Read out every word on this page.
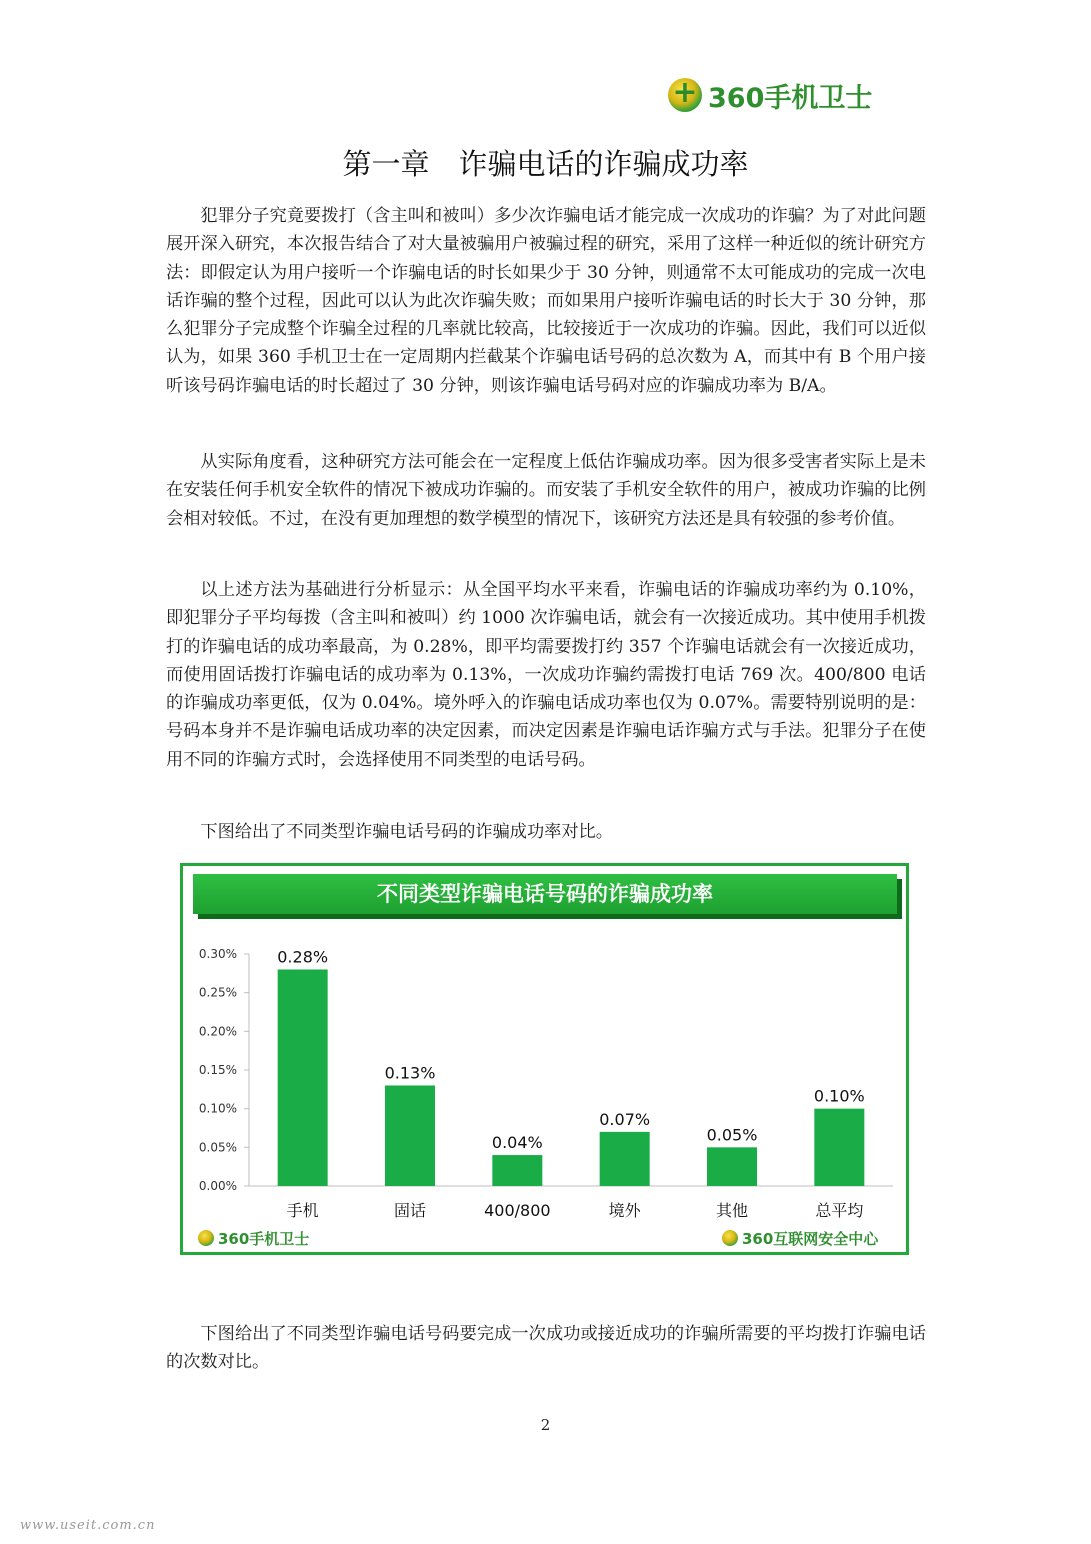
+
360手机卫士
第一章　诈骗电话的诈骗成功率

犯罪分子究竟要拨打（含主叫和被叫）多少次诈骗电话才能完成一次成功的诈骗？为了对此问题展开深入研究，本次报告结合了对大量被骗用户被骗过程的研究，采用了这样一种近似的统计研究方法：即假定认为用户接听一个诈骗电话的时长如果少于 30 分钟，则通常不太可能成功的完成一次电话诈骗的整个过程，因此可以认为此次诈骗失败；而如果用户接听诈骗电话的时长大于 30 分钟，那么犯罪分子完成整个诈骗全过程的几率就比较高，比较接近于一次成功的诈骗。因此，我们可以近似认为，如果 360 手机卫士在一定周期内拦截某个诈骗电话号码的总次数为 A，而其中有 B 个用户接听该号码诈骗电话的时长超过了 30 分钟，则该诈骗电话号码对应的诈骗成功率为 B/A。

从实际角度看，这种研究方法可能会在一定程度上低估诈骗成功率。因为很多受害者实际上是未在安装任何手机安全软件的情况下被成功诈骗的。而安装了手机安全软件的用户，被成功诈骗的比例会相对较低。不过，在没有更加理想的数学模型的情况下，该研究方法还是具有较强的参考价值。

以上述方法为基础进行分析显示：从全国平均水平来看，诈骗电话的诈骗成功率约为 0.10%，即犯罪分子平均每拨（含主叫和被叫）约 1000 次诈骗电话，就会有一次接近成功。其中使用手机拨打的诈骗电话的成功率最高，为 0.28%，即平均需要拨打约 357 个诈骗电话就会有一次接近成功，而使用固话拨打诈骗电话的成功率为 0.13%，一次成功诈骗约需拨打电话 769 次。400/800 电话的诈骗成功率更低，仅为 0.04%。境外呼入的诈骗电话成功率也仅为 0.07%。需要特别说明的是：号码本身并不是诈骗电话成功率的决定因素，而决定因素是诈骗电话诈骗方式与手法。犯罪分子在使用不同的诈骗方式时，会选择使用不同类型的电话号码。

下图给出了不同类型诈骗电话号码的诈骗成功率对比。

不同类型诈骗电话号码的诈骗成功率
0.00%
0.05%
0.10%
0.15%
0.20%
0.25%
0.30%	0.28%
手机
0.13%
固话
0.04%
400/800
0.07%
境外
0.05%
其他
0.10%
总平均
360手机卫士	360互联网安全中心

下图给出了不同类型诈骗电话号码要完成一次成功或接近成功的诈骗所需要的平均拨打诈骗电话的次数对比。

2
www.useit.com.cn
